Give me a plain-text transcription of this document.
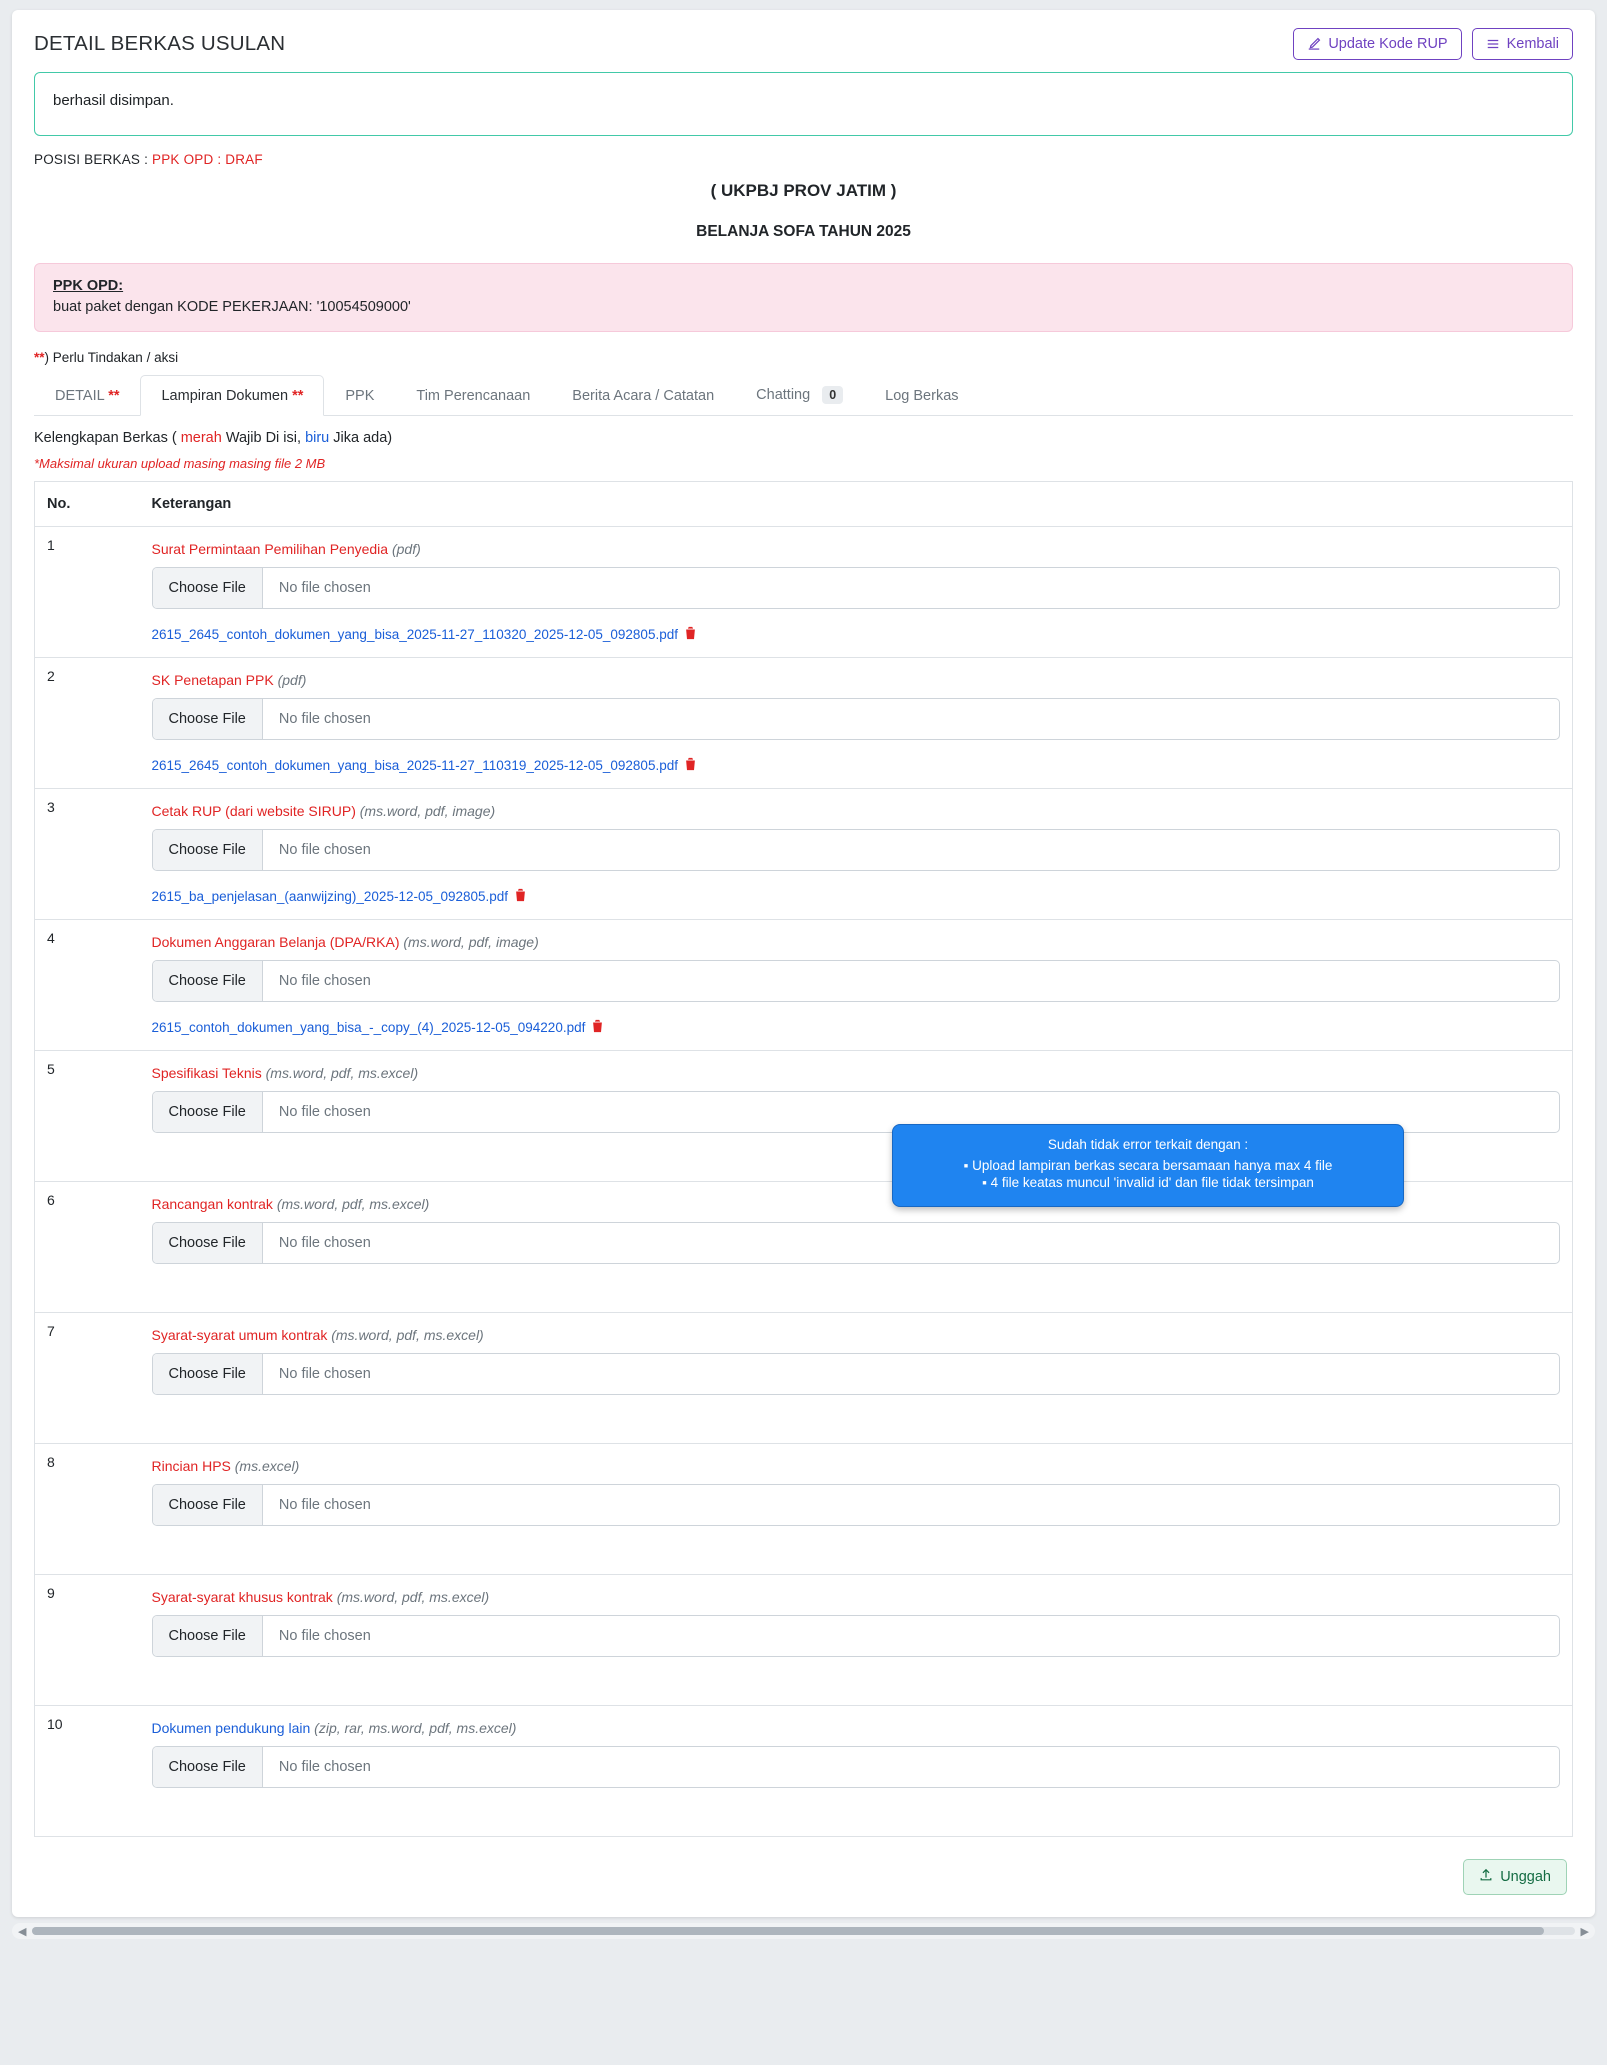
DETAIL BERKAS USULAN	Update Kode RUP	Kembali
berhasil disimpan.
POSISI BERKAS : PPK OPD : DRAF
( UKPBJ PROV JATIM )
BELANJA SOFA TAHUN 2025
PPK OPD:
buat paket dengan KODE PEKERJAAN: '10054509000'
**) Perlu Tindakan / aksi
DETAIL **	Lampiran Dokumen **	PPK	Tim Perencanaan	Berita Acara / Catatan	Chatting 0	Log Berkas
Kelengkapan Berkas ( merah Wajib Di isi, biru Jika ada)
*Maksimal ukuran upload masing masing file 2 MB
No.	Keterangan
1	Surat Permintaan Pemilihan Penyedia (pdf)
Choose File No file chosen
2615_2645_contoh_dokumen_yang_bisa_2025-11-27_110320_2025-12-05_092805.pdf

2	SK Penetapan PPK (pdf)
Choose File No file chosen
2615_2645_contoh_dokumen_yang_bisa_2025-11-27_110319_2025-12-05_092805.pdf

3	Cetak RUP (dari website SIRUP) (ms.word, pdf, image)
Choose File No file chosen
2615_ba_penjelasan_(aanwijzing)_2025-12-05_092805.pdf

4	Dokumen Anggaran Belanja (DPA/RKA) (ms.word, pdf, image)
Choose File No file chosen
2615_contoh_dokumen_yang_bisa_-_copy_(4)_2025-12-05_094220.pdf

5	Spesifikasi Teknis (ms.word, pdf, ms.excel)
Choose File No file chosen

6	Rancangan kontrak (ms.word, pdf, ms.excel)
Choose File No file chosen

7	Syarat-syarat umum kontrak (ms.word, pdf, ms.excel)
Choose File No file chosen

8	Rincian HPS (ms.excel)
Choose File No file chosen

9	Syarat-syarat khusus kontrak (ms.word, pdf, ms.excel)
Choose File No file chosen

10	Dokumen pendukung lain (zip, rar, ms.word, pdf, ms.excel)
Choose File No file chosen
Unggah
Sudah tidak error terkait dengan :
▪ Upload lampiran berkas secara bersamaan hanya max 4 file
▪ 4 file keatas muncul 'invalid id' dan file tidak tersimpan
◀	▶
